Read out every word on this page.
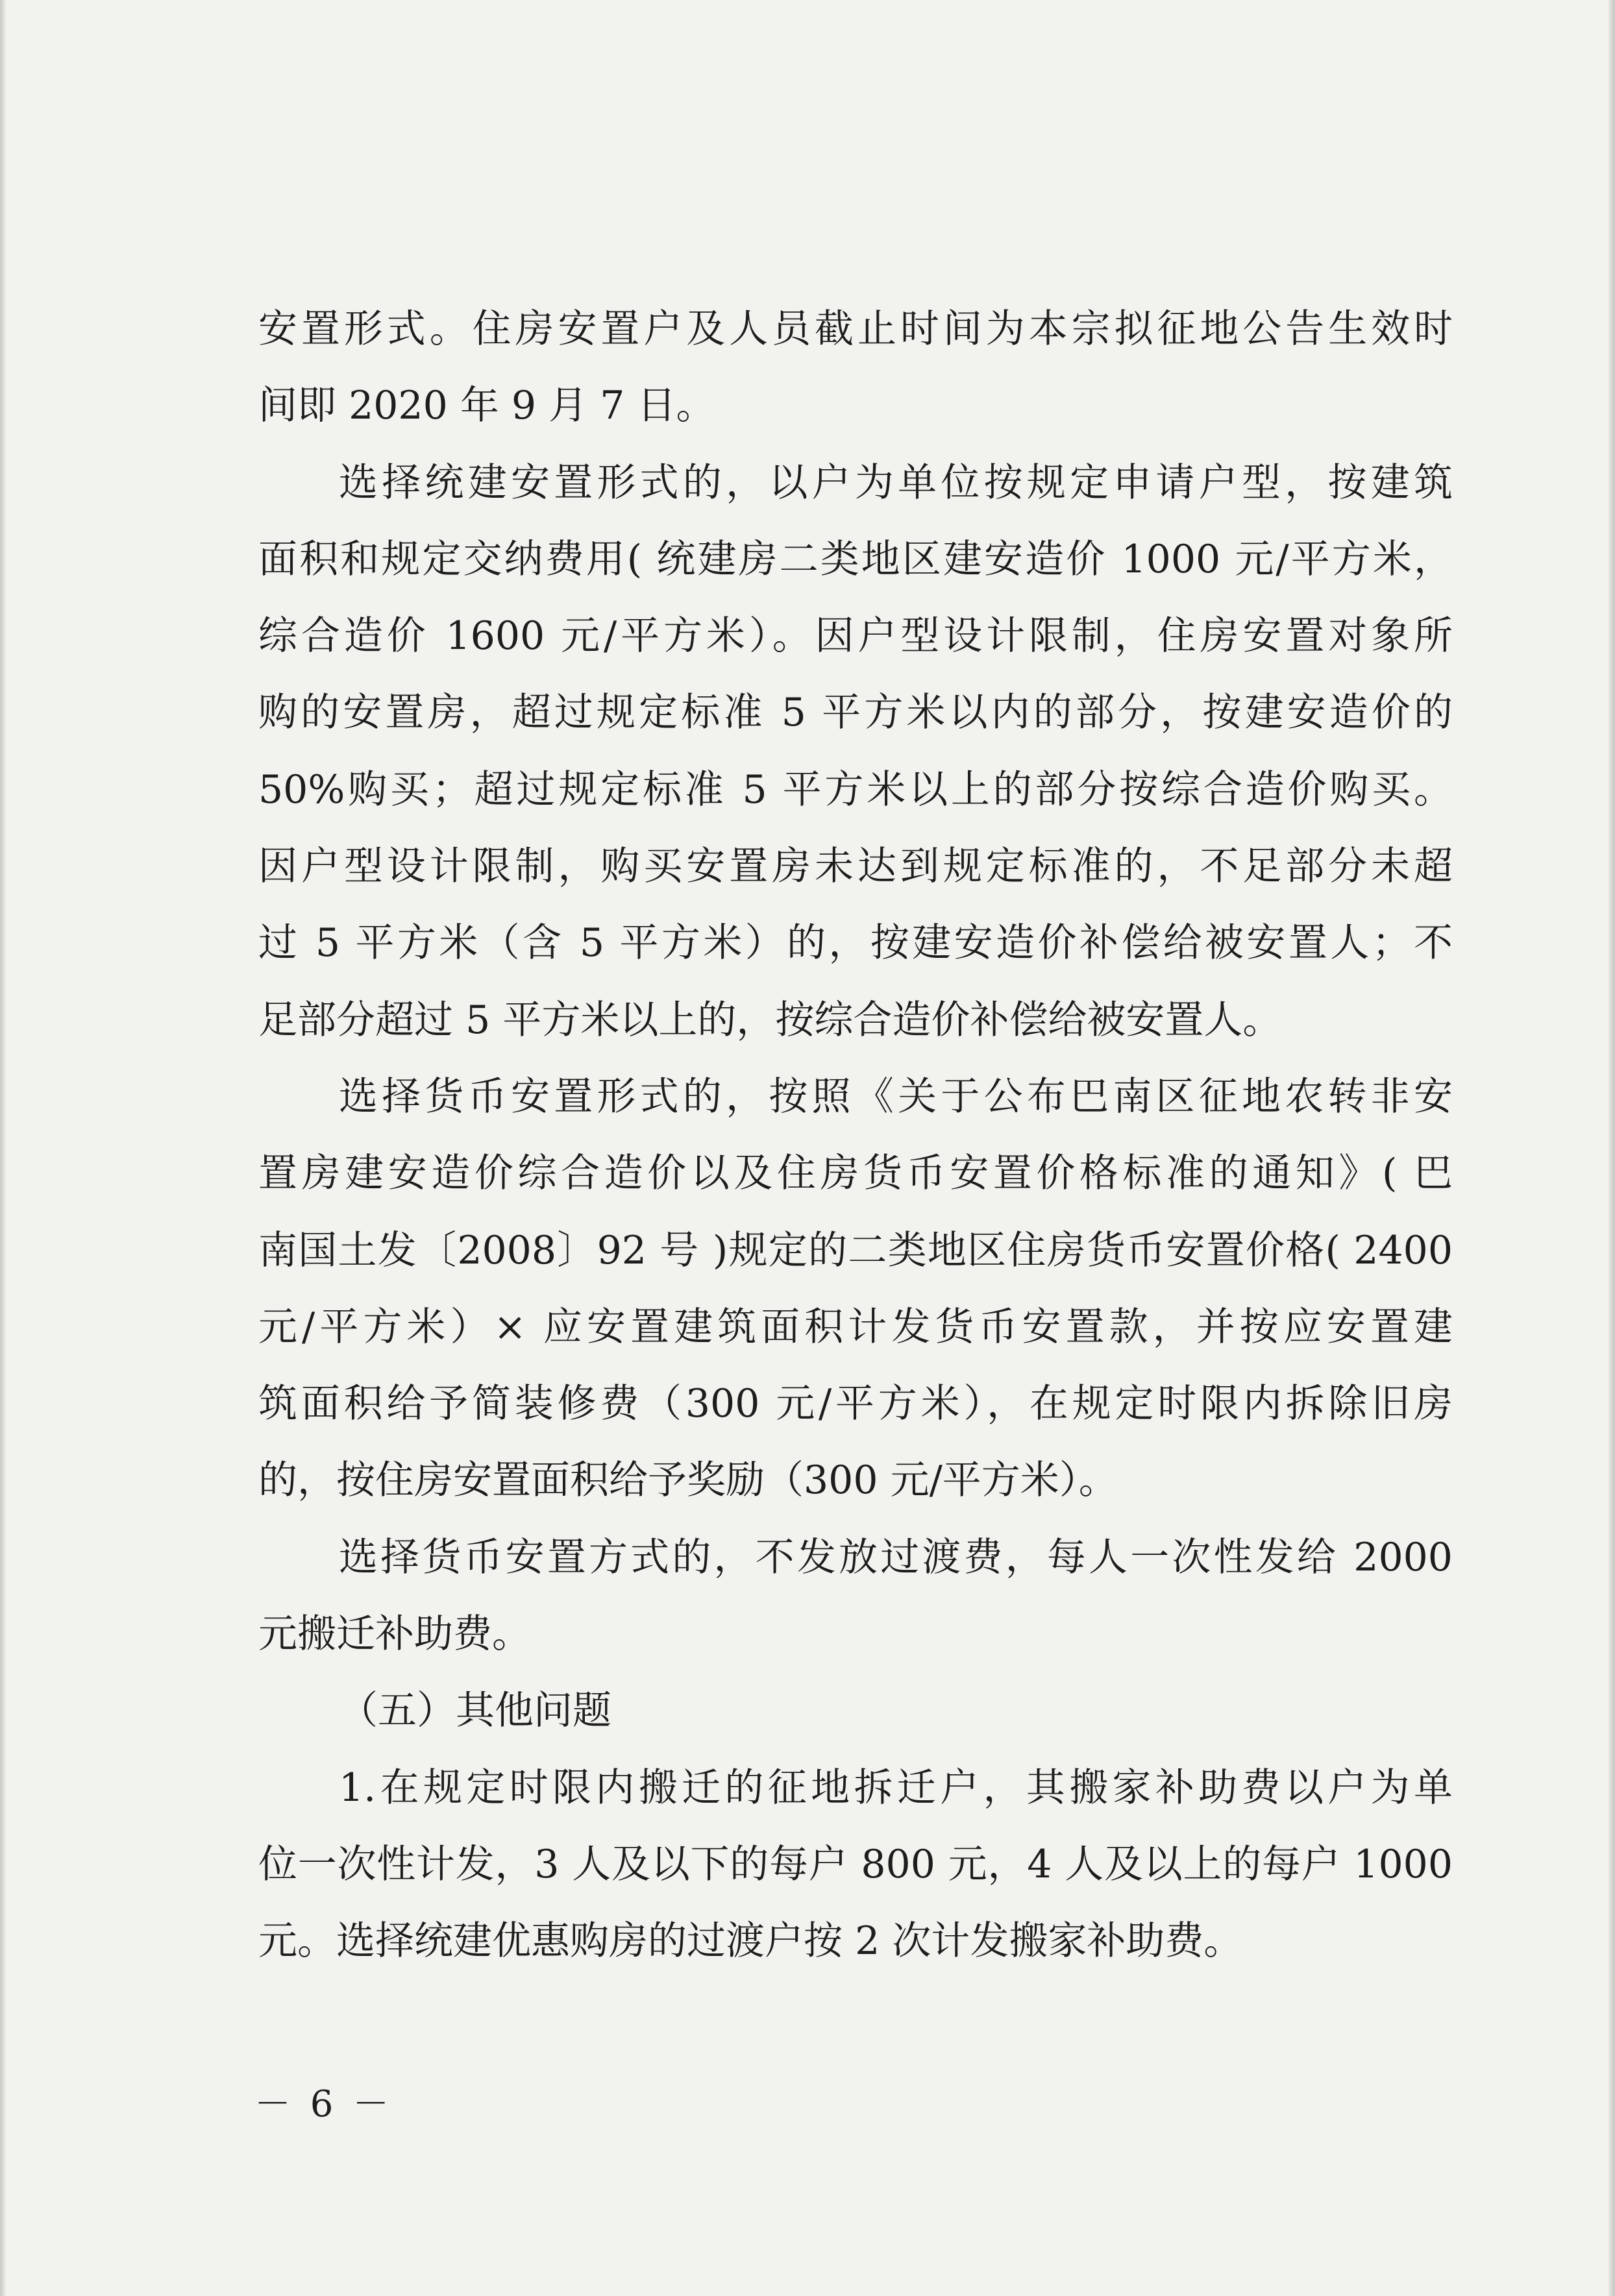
安置形式。住房安置户及人员截止时间为本宗拟征地公告生效时
间即 2020 年 9 月 7 日。
选择统建安置形式的，以户为单位按规定申请户型，按建筑
面积和规定交纳费用( 统建房二类地区建安造价 1000 元/平方米，
综合造价 1600 元/平方米）。因户型设计限制，住房安置对象所
购的安置房，超过规定标准 5 平方米以内的部分，按建安造价的
50%购买；超过规定标准 5 平方米以上的部分按综合造价购买。
因户型设计限制，购买安置房未达到规定标准的，不足部分未超
过 5 平方米（含 5 平方米）的，按建安造价补偿给被安置人；不
足部分超过 5 平方米以上的，按综合造价补偿给被安置人。
选择货币安置形式的，按照《关于公布巴南区征地农转非安
置房建安造价综合造价以及住房货币安置价格标准的通知》( 巴
南国土发〔2008〕92 号 )规定的二类地区住房货币安置价格( 2400
元/平方米）× 应安置建筑面积计发货币安置款，并按应安置建
筑面积给予简装修费（300 元/平方米），在规定时限内拆除旧房
的，按住房安置面积给予奖励（300 元/平方米）。
选择货币安置方式的，不发放过渡费，每人一次性发给 2000
元搬迁补助费。
（五）其他问题
1.在规定时限内搬迁的征地拆迁户，其搬家补助费以户为单
位一次性计发，3 人及以下的每户 800 元，4 人及以上的每户 1000
元。选择统建优惠购房的过渡户按 2 次计发搬家补助费。
－ 6 －
